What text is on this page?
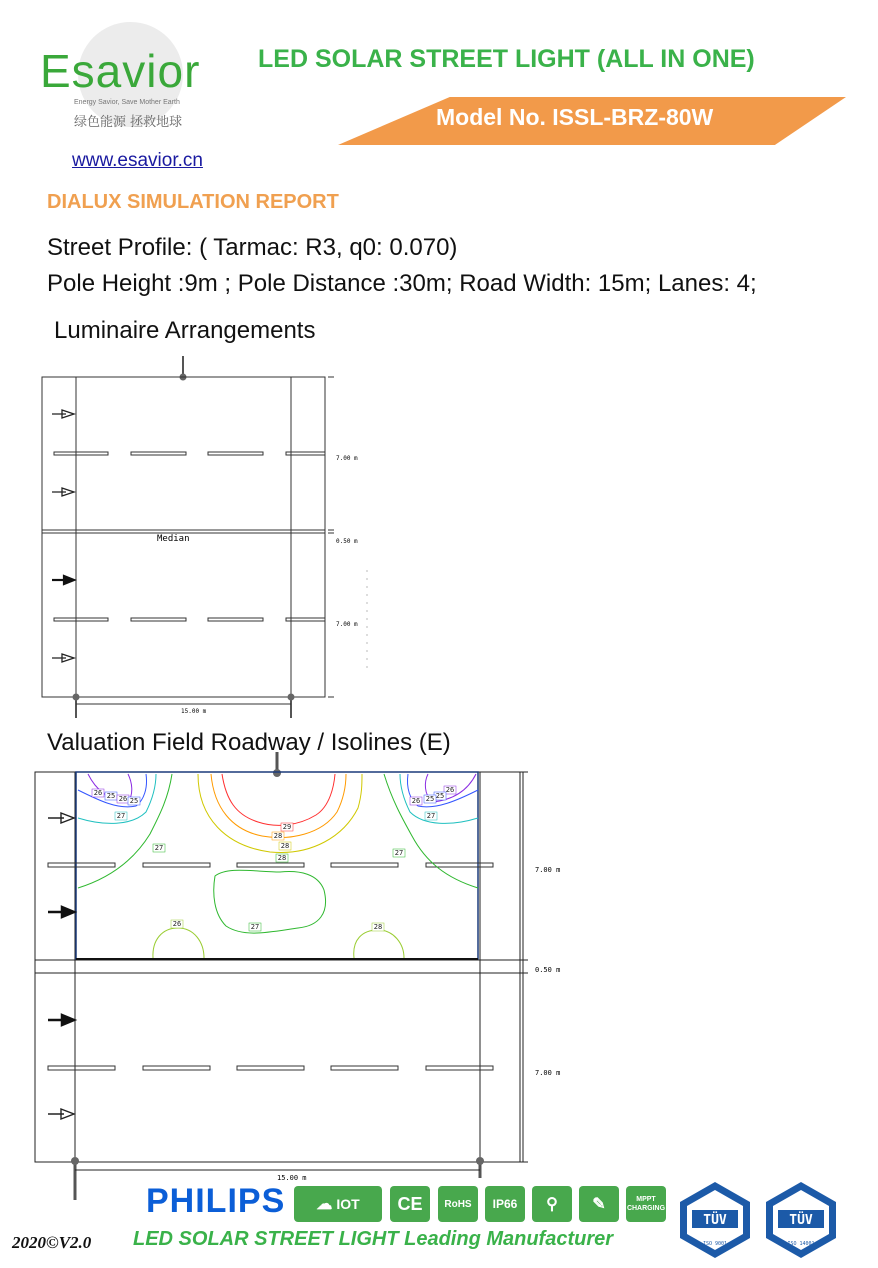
Esavior
Energy Savior, Save Mother Earth
绿色能源 拯救地球
www.esavior.cn
LED SOLAR STREET LIGHT (ALL IN ONE)
Model No. ISSL-BRZ-80W
DIALUX SIMULATION REPORT
Street Profile: ( Tarmac: R3, q0: 0.070)
Pole Height :9m ; Pole Distance :30m; Road Width: 15m; Lanes: 4;
Luminaire Arrangements
Median
7.00 m
0.50 m
7.00 m
15.00 m
Valuation Field Roadway / Isolines (E)
26 25 26 25
26
25
25
26
27	27
29
28
28
28
27
27
26	27	28
7.00 m
0.50 m
7.00 m
15.00 m
PHILIPS ☁ IOT	CE	RoHS	IP66	⚲	✎	MPPT CHARGING
TÜV
ISO 9001
TÜV
ISO 14001
2020©V2.0 LED SOLAR STREET LIGHT Leading Manufacturer
